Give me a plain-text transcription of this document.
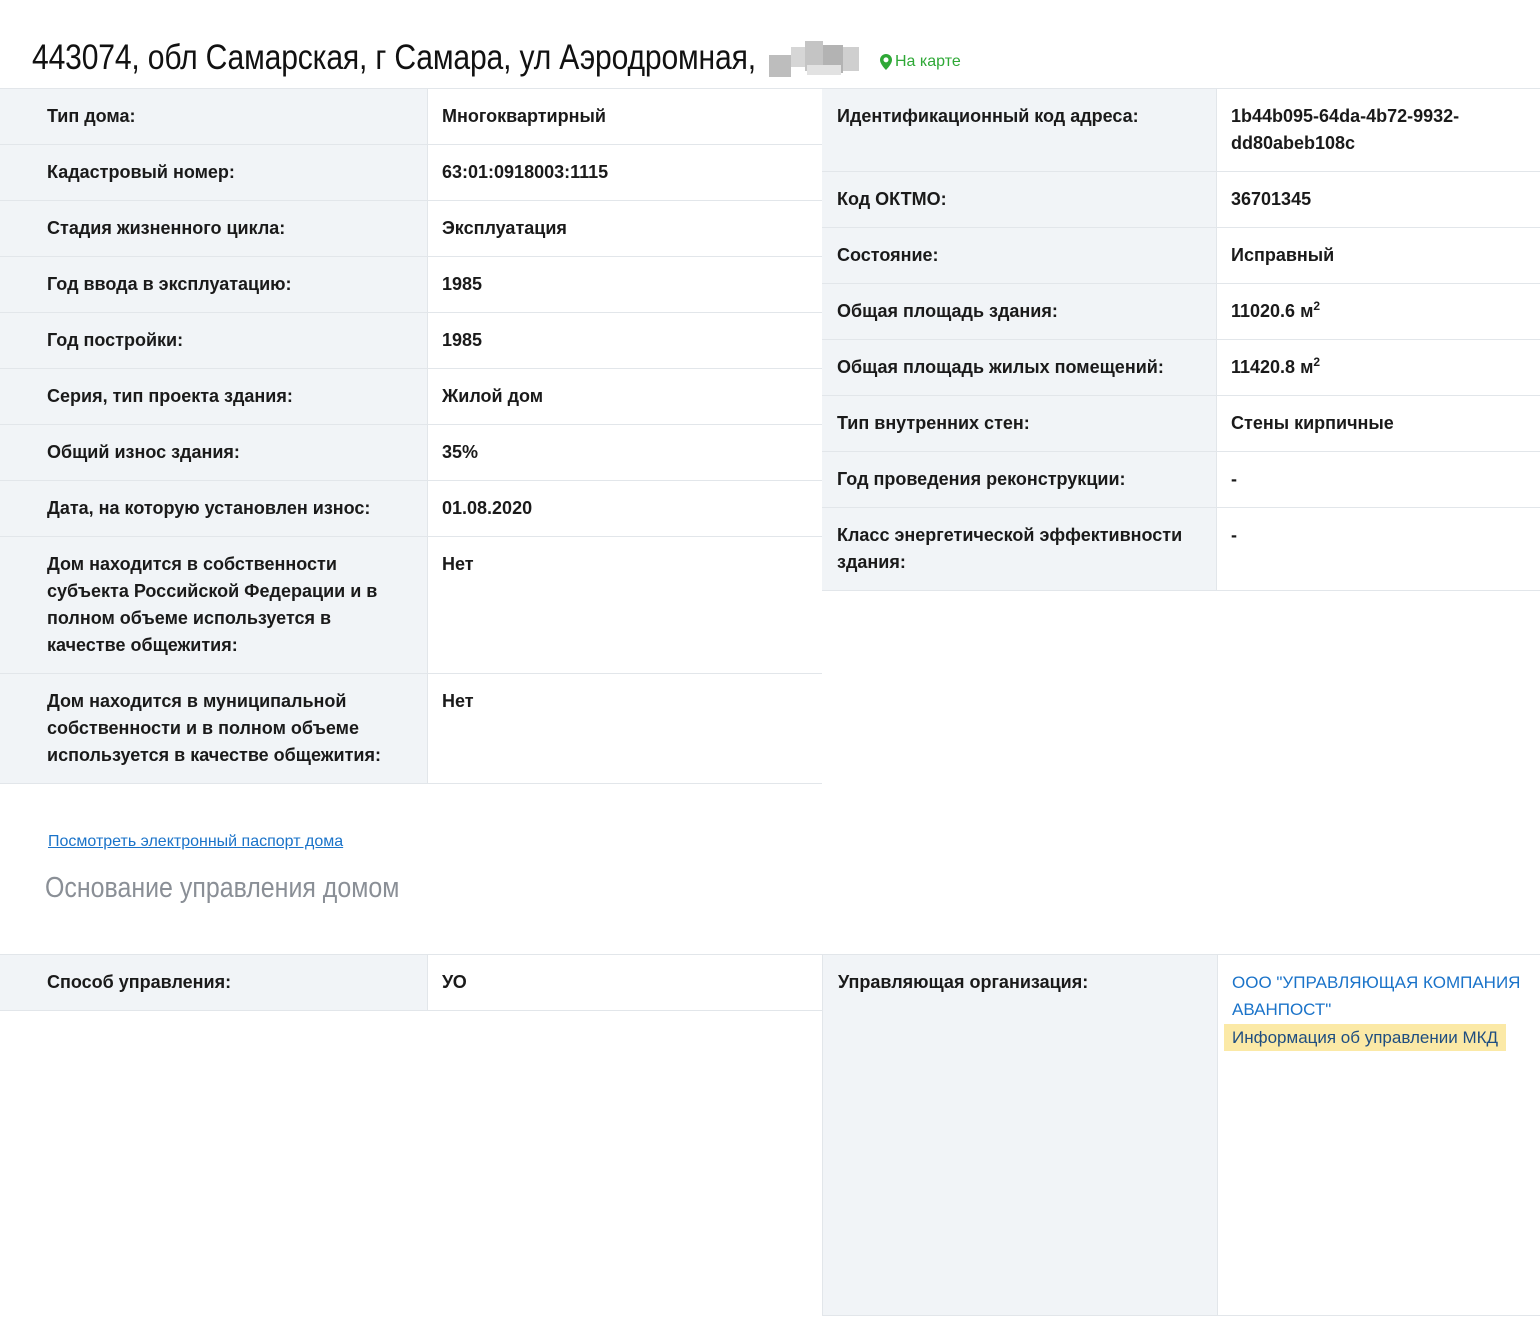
443074, обл Самарская, г Самара, ул Аэродромная,	На карте
Тип дома:	Многоквартирный
Кадастровый номер:	63:01:0918003:1115
Стадия жизненного цикла:	Эксплуатация
Год ввода в эксплуатацию:	1985
Год постройки:	1985
Серия, тип проекта здания:	Жилой дом
Общий износ здания:	35%
Дата, на которую установлен износ:	01.08.2020
Дом находится в собственности субъекта Российской Федерации и в полном объеме используется в качестве общежития:
Нет
Дом находится в муниципальной собственности и в полном объеме используется в качестве общежития:
Нет
Идентификационный код адреса:	1b44b095-64da-4b72-9932-dd80abeb108c
Код ОКТМО:	36701345
Состояние:	Исправный
Общая площадь здания:	11020.6 $м^2$
Общая площадь жилых помещений:	11420.8 $м^2$
Тип внутренних стен:	Стены кирпичные
Год проведения реконструкции:	-
Класс энергетической эффективности здания:
-
Посмотреть электронный паспорт дома
Основание управления домом
Способ управления:	УО	Управляющая организация:	ООО "УПРАВЛЯЮЩАЯ КОМПАНИЯ АВАНПОСТ"
Информация об управлении МКД
